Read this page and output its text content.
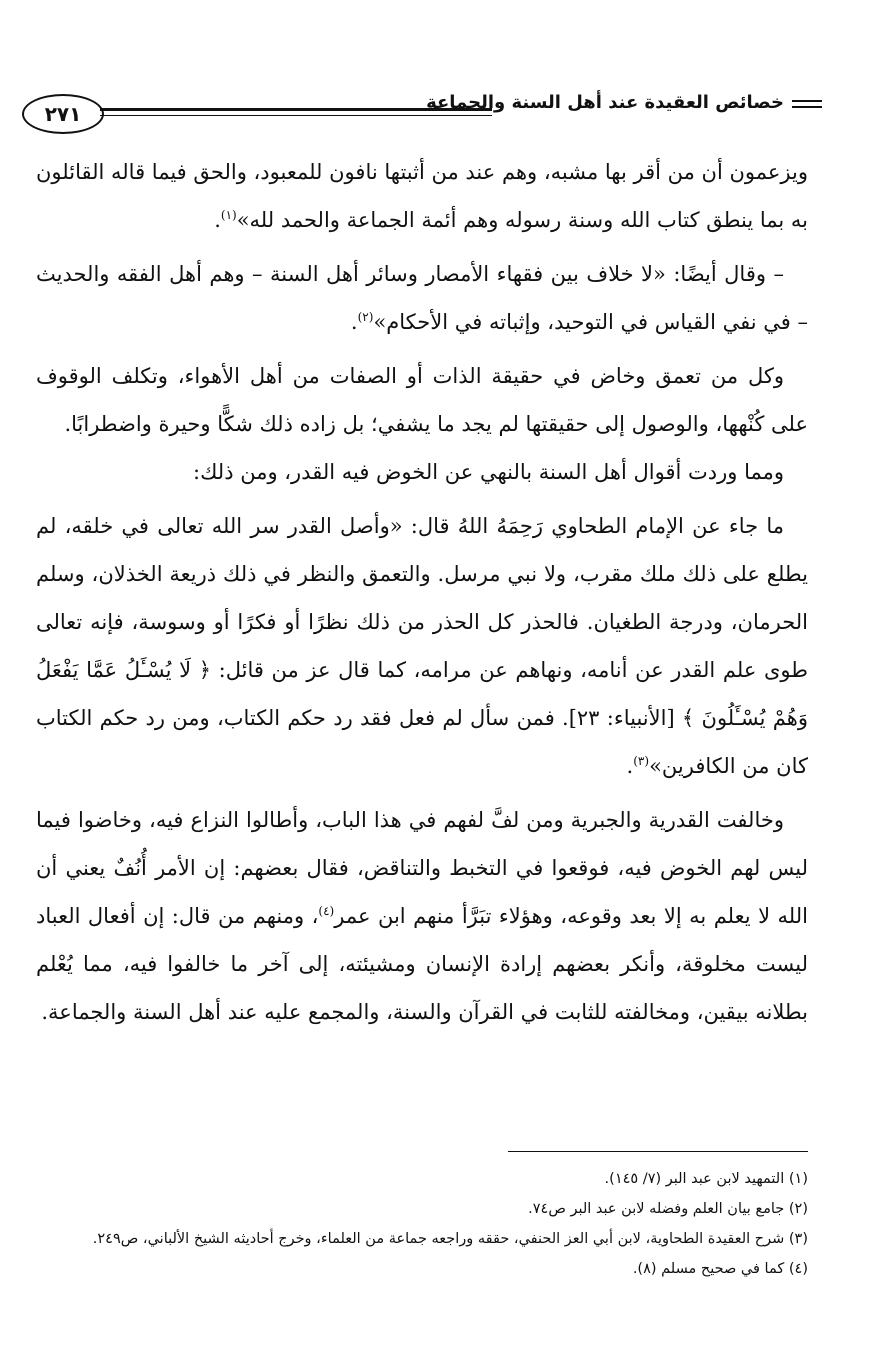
٢٧١	خصائص العقيدة عند أهل السنة والجماعة

ويزعمون أن من أقر بها مشبه، وهم عند من أثبتها نافون للمعبود، والحق فيما قاله القائلون به بما ينطق كتاب الله وسنة رسوله وهم أئمة الجماعة والحمد لله»$^{(١)}$.

– وقال أيضًا: «لا خلاف بين فقهاء الأمصار وسائر أهل السنة – وهم أهل الفقه والحديث – في نفي القياس في التوحيد، وإثباته في الأحكام»$^{(٢)}$.

وكل من تعمق وخاض في حقيقة الذات أو الصفات من أهل الأهواء، وتكلف الوقوف على كُنْهها، والوصول إلى حقيقتها لم يجد ما يشفي؛ بل زاده ذلك شكًّا وحيرة واضطرابًا.

ومما وردت أقوال أهل السنة بالنهي عن الخوض فيه القدر، ومن ذلك:

ما جاء عن الإمام الطحاوي رَحِمَهُ اللهُ قال: «وأصل القدر سر الله تعالى في خلقه، لم يطلع على ذلك ملك مقرب، ولا نبي مرسل. والتعمق والنظر في ذلك ذريعة الخذلان، وسلم الحرمان، ودرجة الطغيان. فالحذر كل الحذر من ذلك نظرًا أو فكرًا أو وسوسة، فإنه تعالى طوى علم القدر عن أنامه، ونهاهم عن مرامه، كما قال عز من قائل: ﴿ لَا يُسْـَٔلُ عَمَّا يَفْعَلُ وَهُمْ يُسْـَٔلُونَ ﴾ [الأنبياء: ٢٣]. فمن سأل لم فعل فقد رد حكم الكتاب، ومن رد حكم الكتاب كان من الكافرين»$^{(٣)}$.

وخالفت القدرية والجبرية ومن لفَّ لفهم في هذا الباب، وأطالوا النزاع فيه، وخاضوا فيما ليس لهم الخوض فيه، فوقعوا في التخبط والتناقض، فقال بعضهم: إن الأمر أُنُفٌ يعني أن الله لا يعلم به إلا بعد وقوعه، وهؤلاء تبَرَّأ منهم ابن عمر$^{(٤)}$، ومنهم من قال: إن أفعال العباد ليست مخلوقة، وأنكر بعضهم إرادة الإنسان ومشيئته، إلى آخر ما خالفوا فيه، مما يُعْلم بطلانه بيقين، ومخالفته للثابت في القرآن والسنة، والمجمع عليه عند أهل السنة والجماعة.

(١) التمهيد لابن عبد البر (٧/ ١٤٥).

(٢) جامع بيان العلم وفضله لابن عبد البر ص٧٤.

(٣) شرح العقيدة الطحاوية، لابن أبي العز الحنفي، حققه وراجعه جماعة من العلماء، وخرج أحاديثه الشيخ الألباني، ص٢٤٩.

(٤) كما في صحيح مسلم (٨).
